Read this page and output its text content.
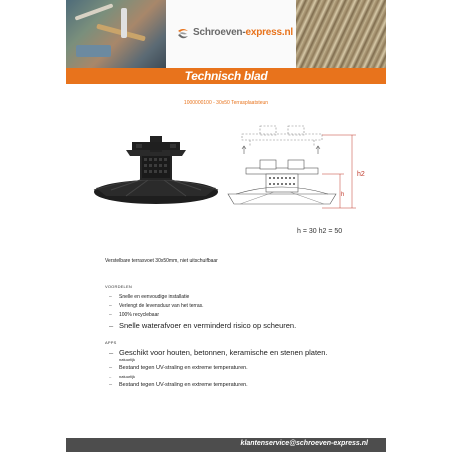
Schroeven-express.nl
Technisch blad
1000000100 - 30x50 Terrasplaatsteun
h2
h
h = 30 h2 = 50
Verstelbare terrasvoet 30x50mm, niet uitschuifbaar
VOORDELEN
– Snelle en eenvoudige installatie
– Verlengt de levensduur van het terras.
– 100% recyclebaar
– Snelle waterafvoer en verminderd risico op scheuren.
APPS
– Geschikt voor houten, betonnen, keramische en stenen platen.
natuurlijk
– Bestand tegen UV-straling en extreme temperaturen.
– natuurlijk
– Bestand tegen UV-straling en extreme temperaturen.
klantenservice@schroeven-express.nl
